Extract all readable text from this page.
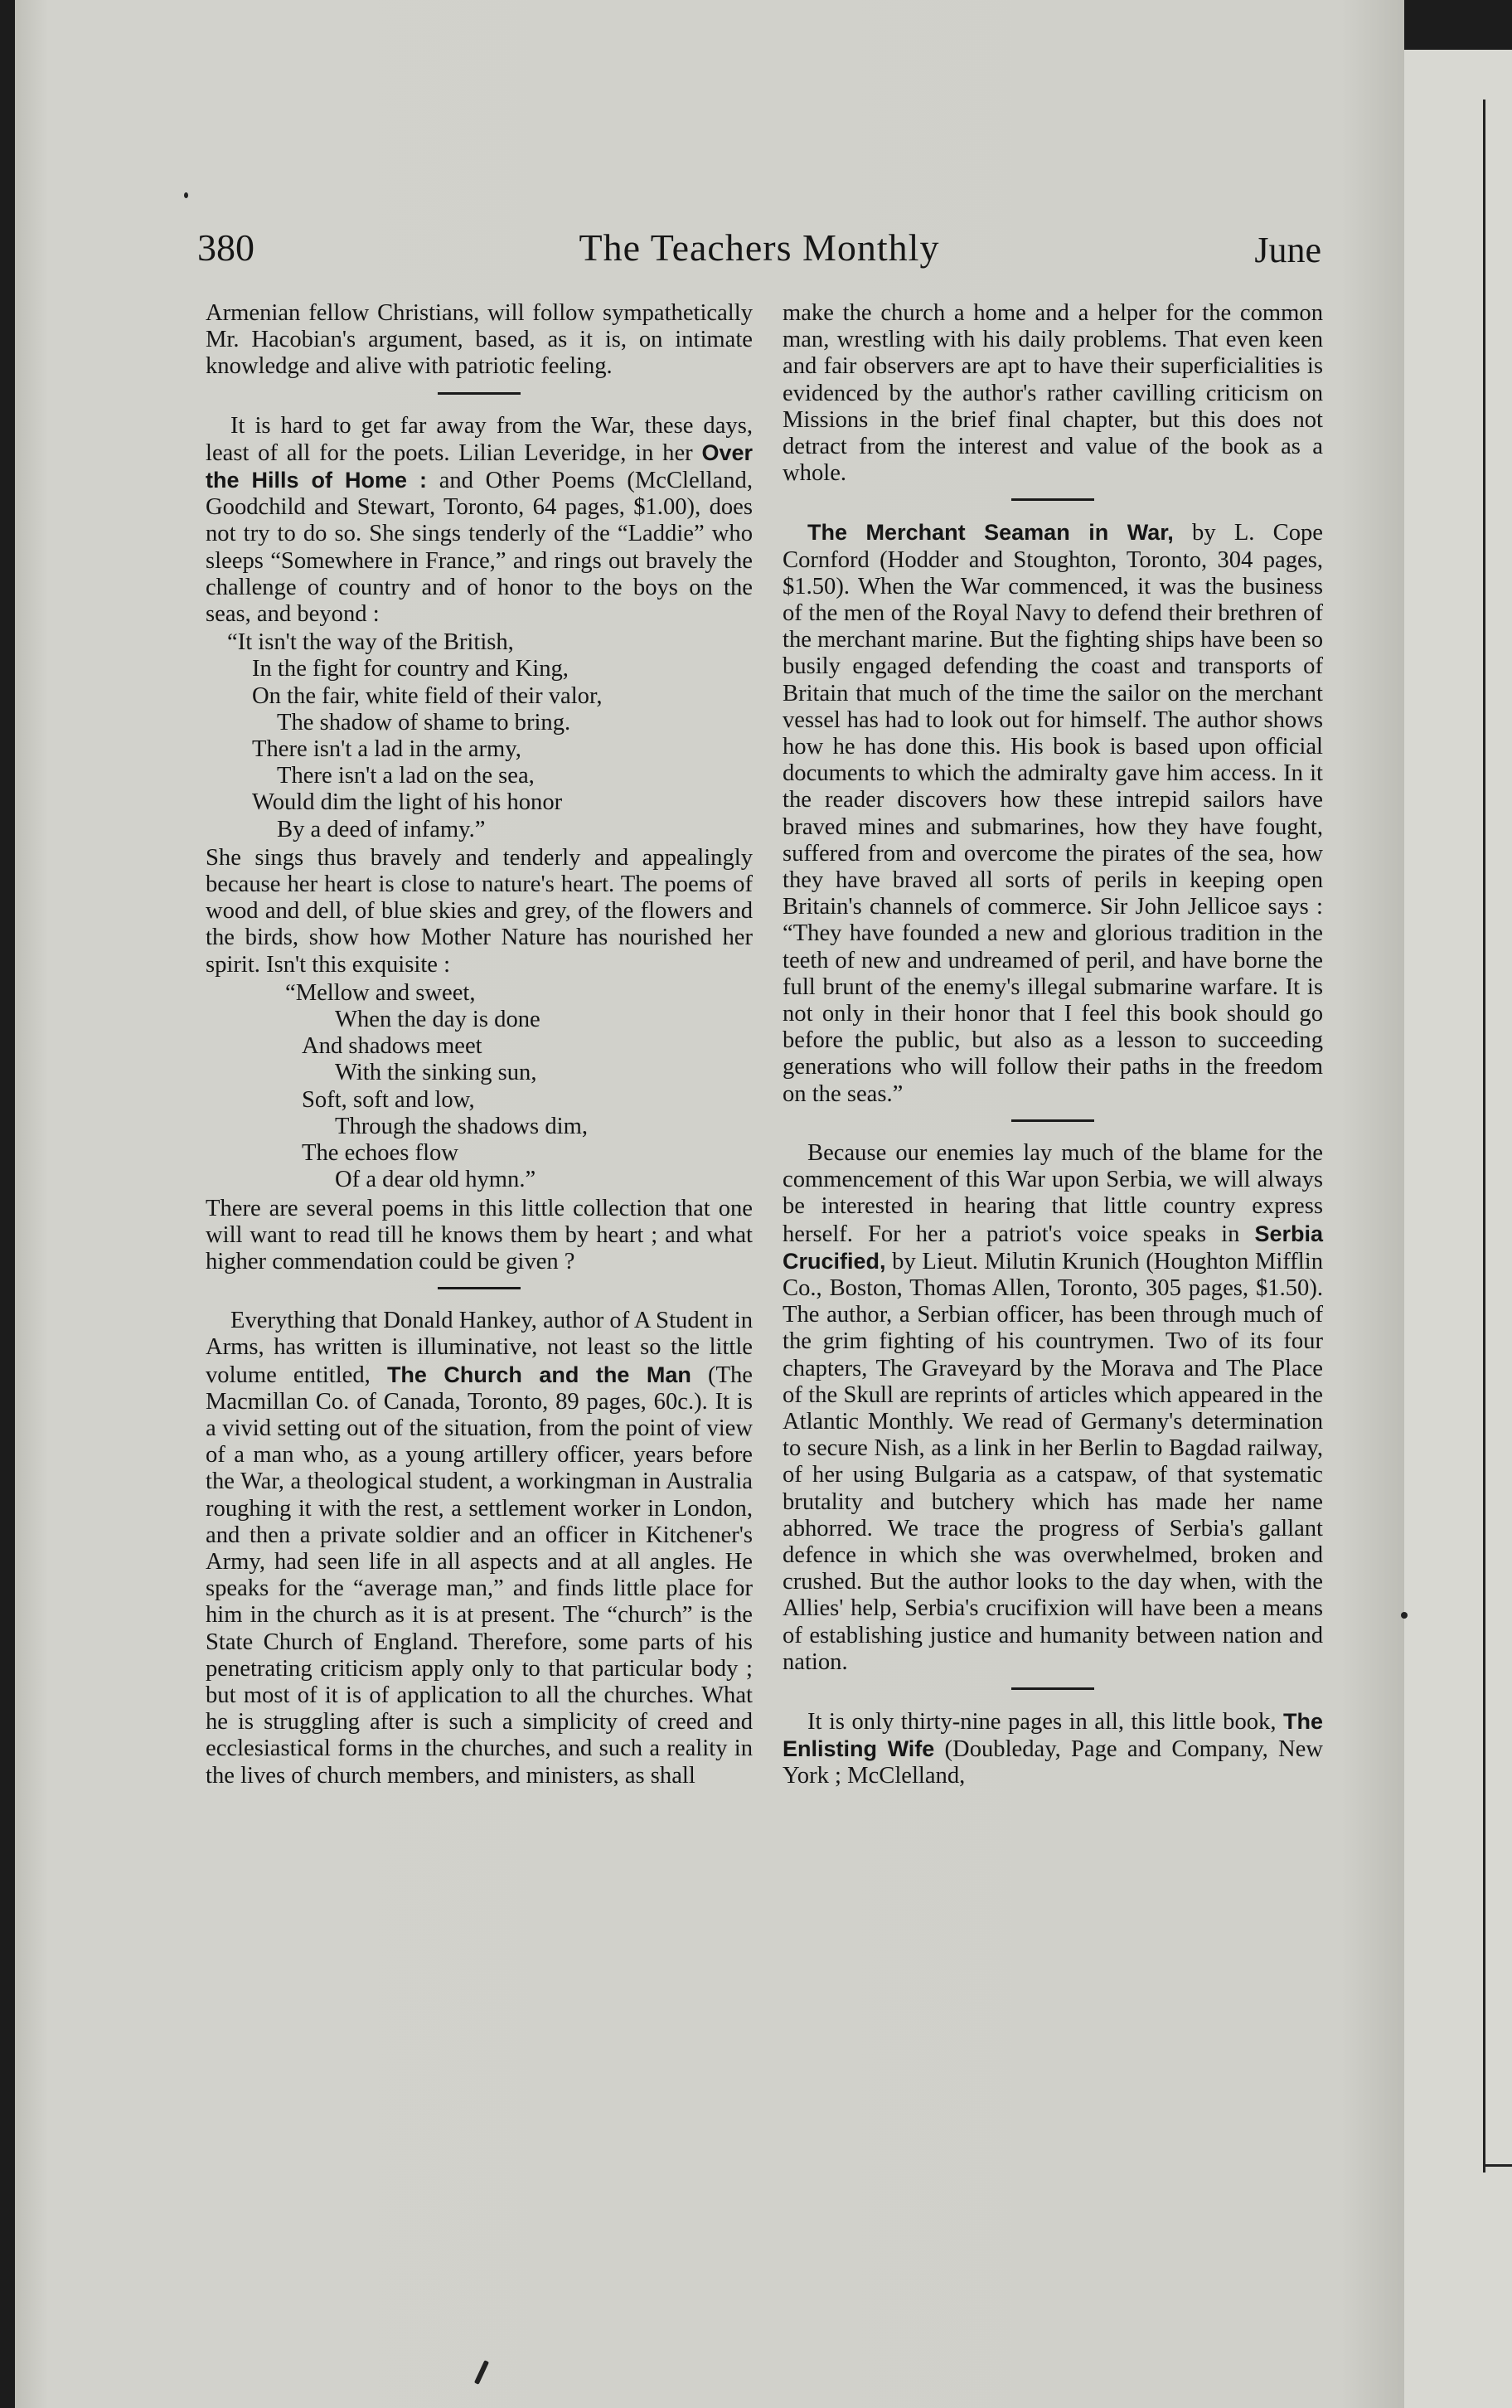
380	The Teachers Monthly	June

Armenian fellow Christians, will follow sympathetically Mr. Hacobian's argument, based, as it is, on intimate knowledge and alive with patriotic feeling.

It is hard to get far away from the War, these days, least of all for the poets. Lilian Leveridge, in her Over the Hills of Home : and Other Poems (McClelland, Goodchild and Stewart, Toronto, 64 pages, $1.00), does not try to do so. She sings tenderly of the “Laddie” who sleeps “Somewhere in France,” and rings out bravely the challenge of country and of honor to the boys on the seas, and beyond :

“It isn't the way of the British,
In the fight for country and King,
On the fair, white field of their valor,
The shadow of shame to bring.
There isn't a lad in the army,
There isn't a lad on the sea,
Would dim the light of his honor
By a deed of infamy.”

She sings thus bravely and tenderly and appealingly because her heart is close to nature's heart. The poems of wood and dell, of blue skies and grey, of the flowers and the birds, show how Mother Nature has nourished her spirit. Isn't this exquisite :

“Mellow and sweet,
When the day is done
And shadows meet
With the sinking sun,
Soft, soft and low,
Through the shadows dim,
The echoes flow
Of a dear old hymn.”

There are several poems in this little collection that one will want to read till he knows them by heart ; and what higher commendation could be given ?

Everything that Donald Hankey, author of A Student in Arms, has written is illuminative, not least so the little volume entitled, The Church and the Man (The Macmillan Co. of Canada, Toronto, 89 pages, 60c.). It is a vivid setting out of the situation, from the point of view of a man who, as a young artillery officer, years before the War, a theological student, a workingman in Australia roughing it with the rest, a settlement worker in London, and then a private soldier and an officer in Kitchener's Army, had seen life in all aspects and at all angles. He speaks for the “average man,” and finds little place for him in the church as it is at present. The “church” is the State Church of England. Therefore, some parts of his penetrating criticism apply only to that particular body ; but most of it is of application to all the churches. What he is struggling after is such a simplicity of creed and ecclesiastical forms in the churches, and such a reality in the lives of church members, and ministers, as shall

make the church a home and a helper for the common man, wrestling with his daily problems. That even keen and fair observers are apt to have their superficialities is evidenced by the author's rather cavilling criticism on Missions in the brief final chapter, but this does not detract from the interest and value of the book as a whole.

The Merchant Seaman in War, by L. Cope Cornford (Hodder and Stoughton, Toronto, 304 pages, $1.50). When the War commenced, it was the business of the men of the Royal Navy to defend their brethren of the merchant marine. But the fighting ships have been so busily engaged defending the coast and transports of Britain that much of the time the sailor on the merchant vessel has had to look out for himself. The author shows how he has done this. His book is based upon official documents to which the admiralty gave him access. In it the reader discovers how these intrepid sailors have braved mines and submarines, how they have fought, suffered from and overcome the pirates of the sea, how they have braved all sorts of perils in keeping open Britain's channels of commerce. Sir John Jellicoe says : “They have founded a new and glorious tradition in the teeth of new and undreamed of peril, and have borne the full brunt of the enemy's illegal submarine warfare. It is not only in their honor that I feel this book should go before the public, but also as a lesson to succeeding generations who will follow their paths in the freedom on the seas.”

Because our enemies lay much of the blame for the commencement of this War upon Serbia, we will always be interested in hearing that little country express herself. For her a patriot's voice speaks in Serbia Crucified, by Lieut. Milutin Krunich (Houghton Mifflin Co., Boston, Thomas Allen, Toronto, 305 pages, $1.50). The author, a Serbian officer, has been through much of the grim fighting of his countrymen. Two of its four chapters, The Graveyard by the Morava and The Place of the Skull are reprints of articles which appeared in the Atlantic Monthly. We read of Germany's determination to secure Nish, as a link in her Berlin to Bagdad railway, of her using Bulgaria as a catspaw, of that systematic brutality and butchery which has made her name abhorred. We trace the progress of Serbia's gallant defence in which she was overwhelmed, broken and crushed. But the author looks to the day when, with the Allies' help, Serbia's crucifixion will have been a means of establishing justice and humanity between nation and nation.

It is only thirty-nine pages in all, this little book, The Enlisting Wife (Doubleday, Page and Company, New York ; McClelland,
